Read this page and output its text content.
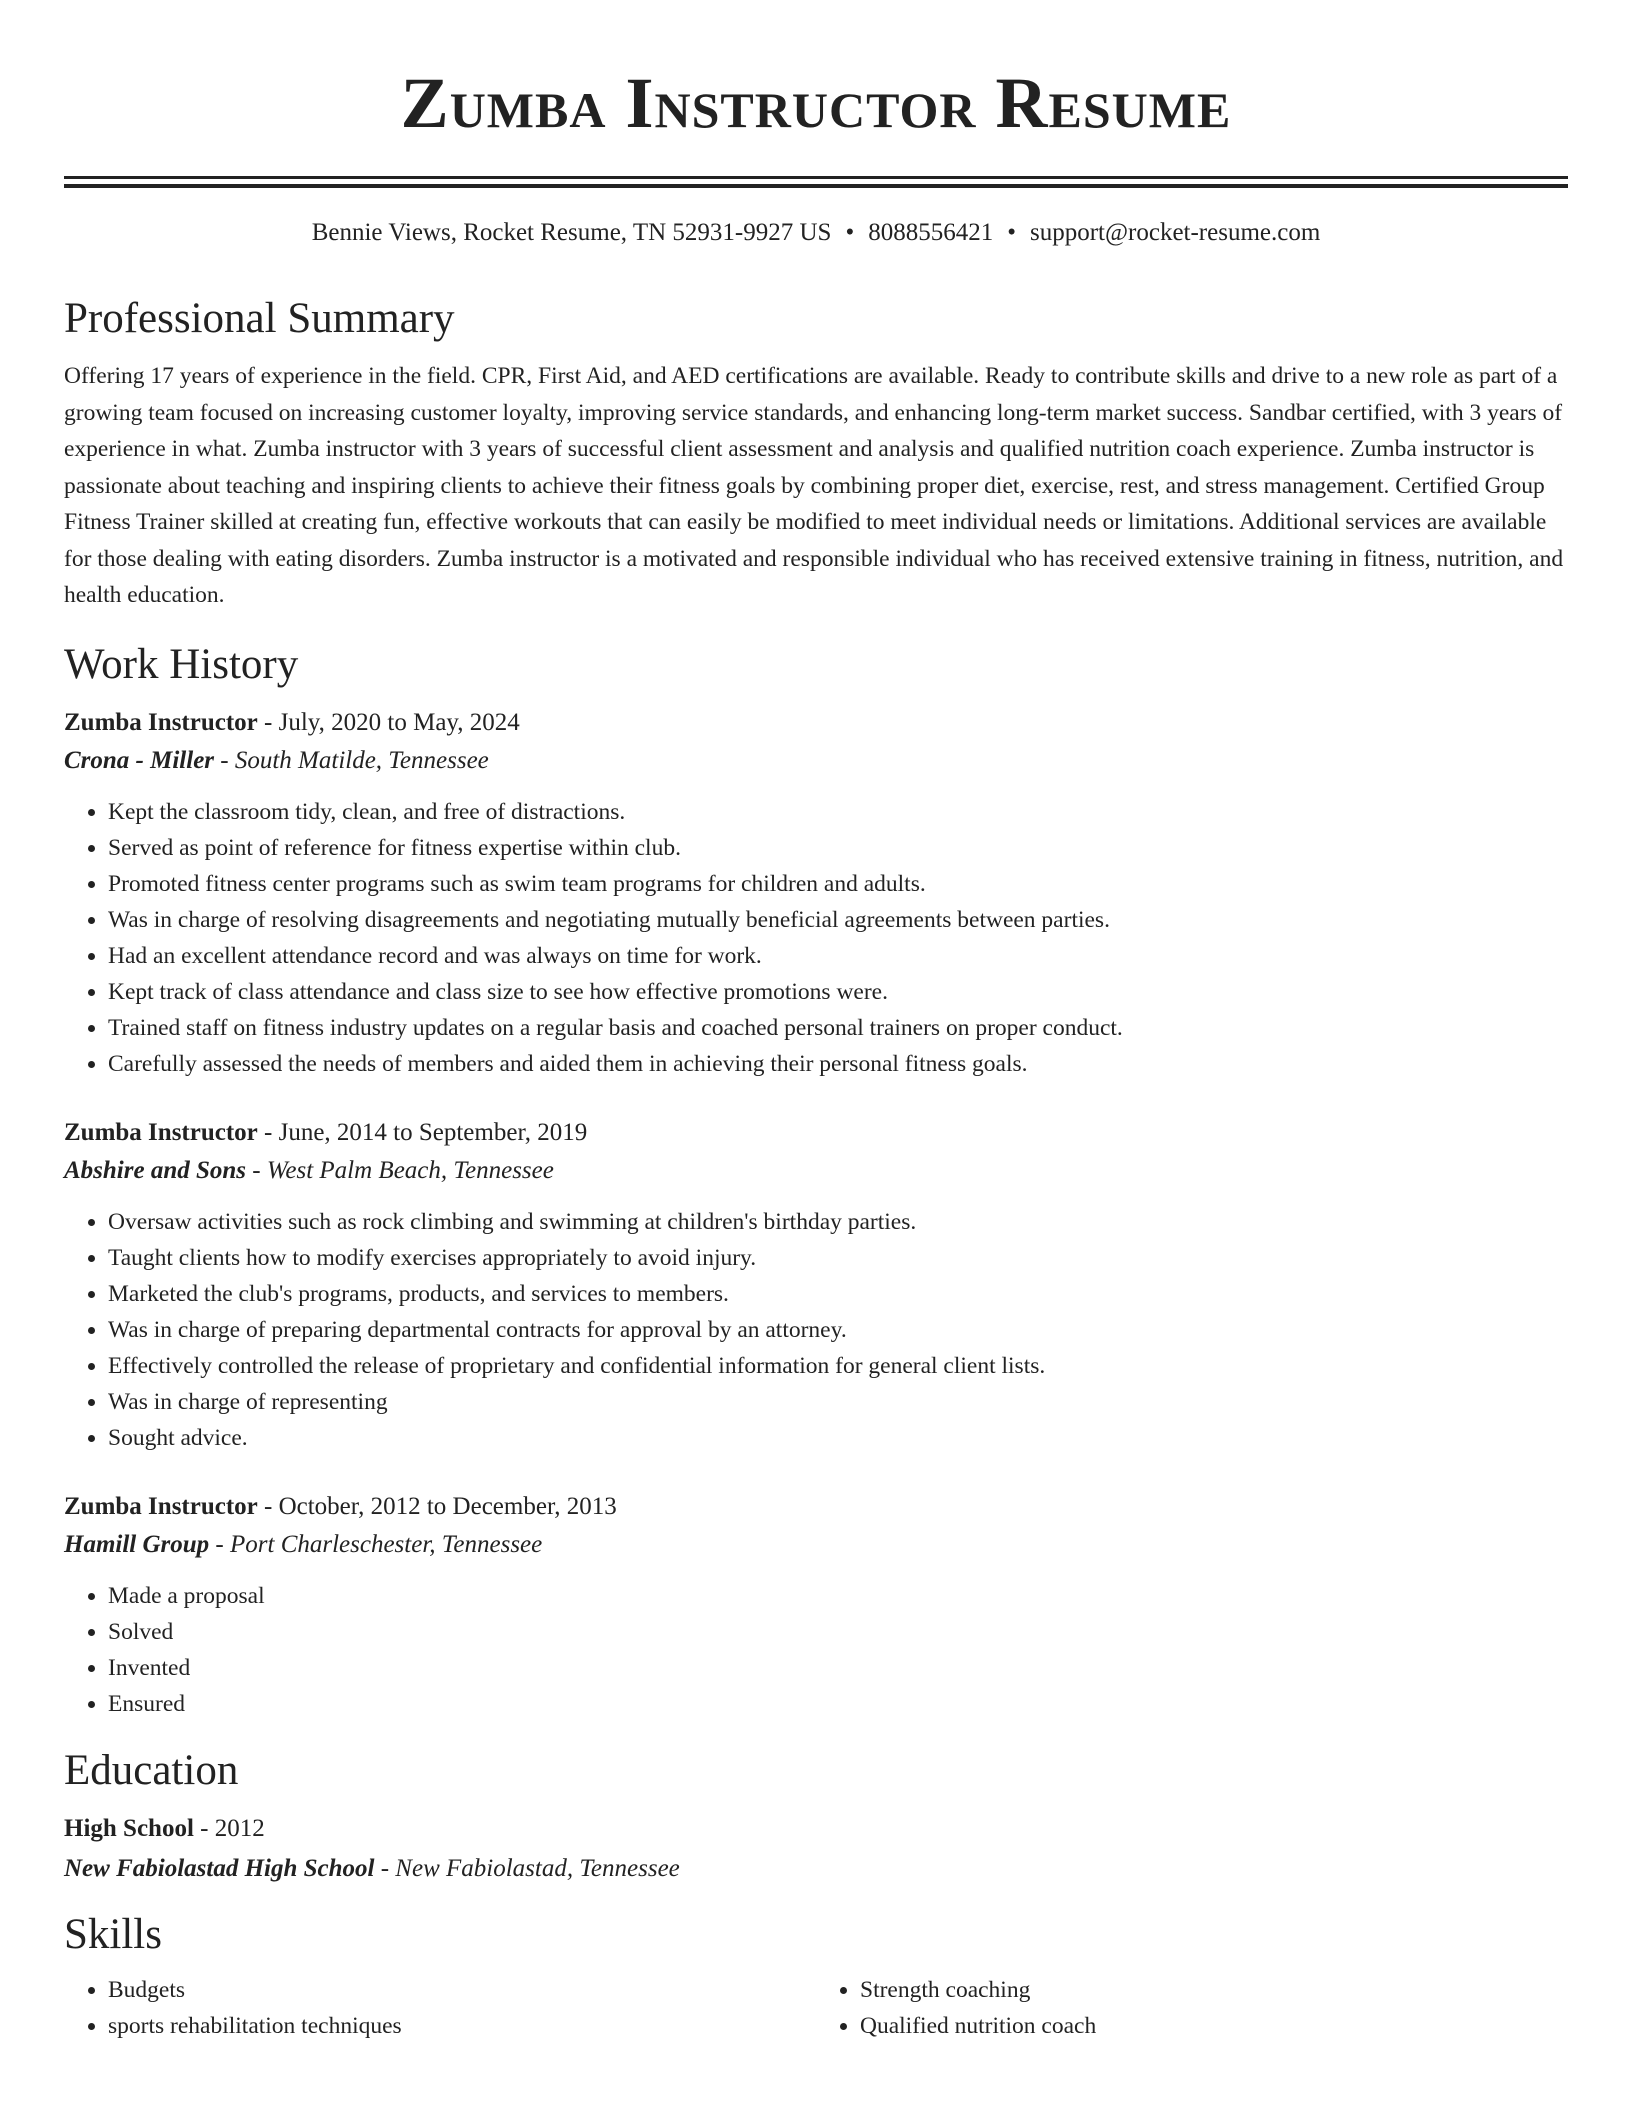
Zumba Instructor Resume
Bennie Views, Rocket Resume, TN 52931-9927 US • 8088556421 • support@rocket-resume.com
Professional Summary

Offering 17 years of experience in the field. CPR, First Aid, and AED certifications are available. Ready to contribute skills and drive to a new role as part of a growing team focused on increasing customer loyalty, improving service standards, and enhancing long-term market success. Sandbar certified, with 3 years of experience in what. Zumba instructor with 3 years of successful client assessment and analysis and qualified nutrition coach experience. Zumba instructor is passionate about teaching and inspiring clients to achieve their fitness goals by combining proper diet, exercise, rest, and stress management. Certified Group Fitness Trainer skilled at creating fun, effective workouts that can easily be modified to meet individual needs or limitations. Additional services are available for those dealing with eating disorders. Zumba instructor is a motivated and responsible individual who has received extensive training in fitness, nutrition, and health education.

Work History
Zumba Instructor - July, 2020 to May, 2024
Crona - Miller - South Matilde, Tennessee
• Kept the classroom tidy, clean, and free of distractions.
• Served as point of reference for fitness expertise within club.
• Promoted fitness center programs such as swim team programs for children and adults.
• Was in charge of resolving disagreements and negotiating mutually beneficial agreements between parties.
• Had an excellent attendance record and was always on time for work.
• Kept track of class attendance and class size to see how effective promotions were.
• Trained staff on fitness industry updates on a regular basis and coached personal trainers on proper conduct.
• Carefully assessed the needs of members and aided them in achieving their personal fitness goals.
Zumba Instructor - June, 2014 to September, 2019
Abshire and Sons - West Palm Beach, Tennessee
• Oversaw activities such as rock climbing and swimming at children's birthday parties.
• Taught clients how to modify exercises appropriately to avoid injury.
• Marketed the club's programs, products, and services to members.
• Was in charge of preparing departmental contracts for approval by an attorney.
• Effectively controlled the release of proprietary and confidential information for general client lists.
• Was in charge of representing
• Sought advice.
Zumba Instructor - October, 2012 to December, 2013
Hamill Group - Port Charleschester, Tennessee
• Made a proposal
• Solved
• Invented
• Ensured
Education
High School - 2012
New Fabiolastad High School - New Fabiolastad, Tennessee
Skills
• Budgets
• sports rehabilitation techniques
• Strength coaching
• Qualified nutrition coach
